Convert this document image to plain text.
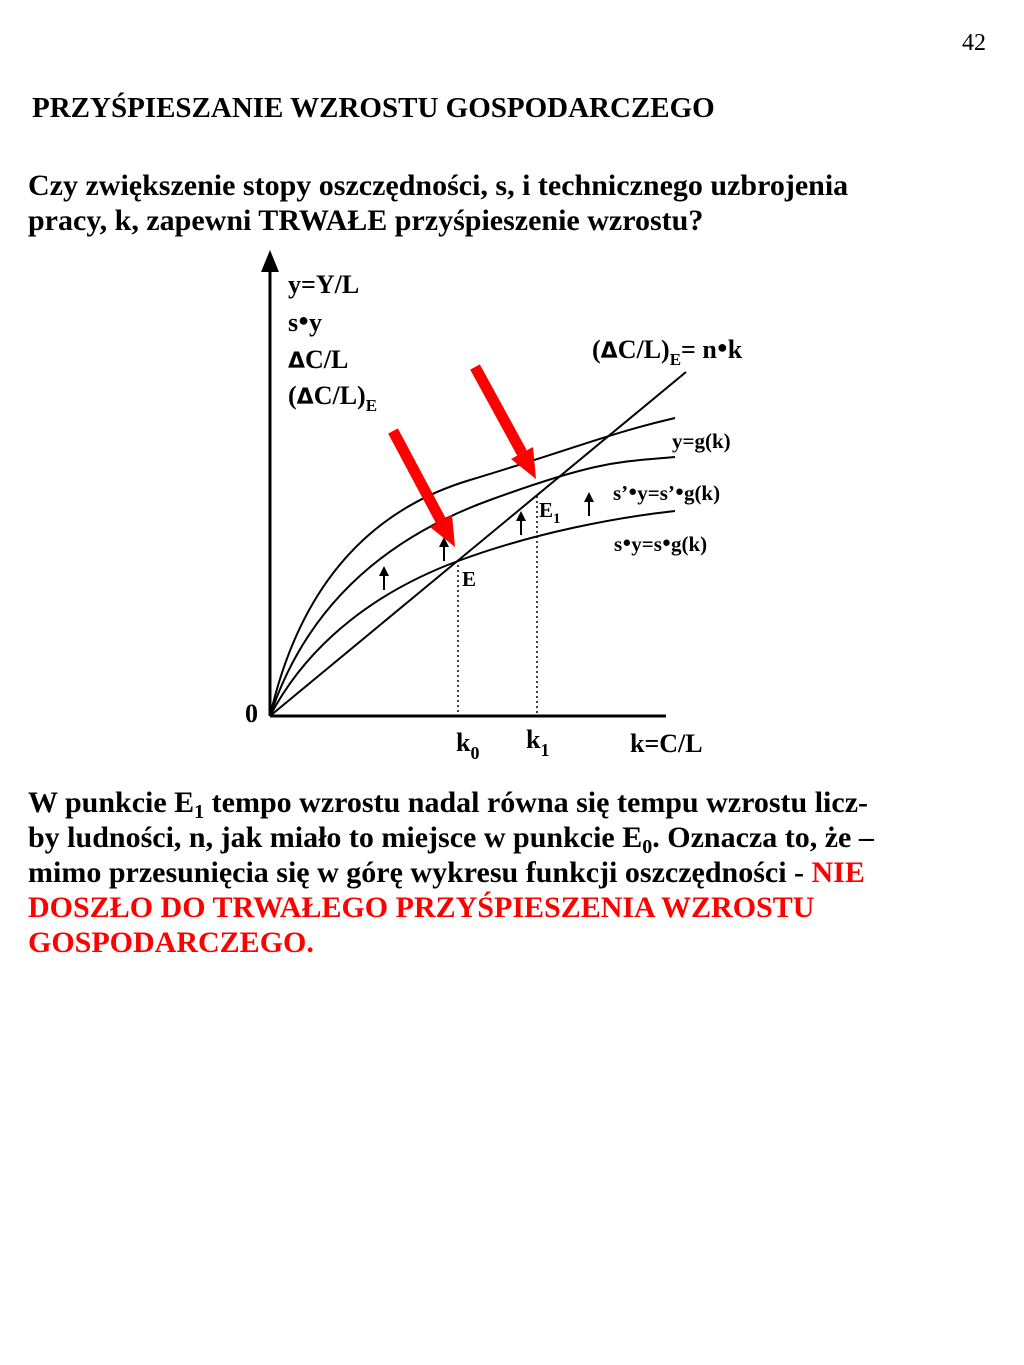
42
PRZYŚPIESZANIE WZROSTU GOSPODARCZEGO
Czy zwiększenie stopy oszczędności, s, i technicznego uzbrojenia
pracy, k, zapewni TRWAŁE przyśpieszenie wzrostu?
y=Y/L
s●y
ΔC/L
$(\Delta C/L)_E$
$(\Delta C/L)_E=$ n●k
y=g(k)
s’●y=s’●g(k)
s●y=s●g(k)
E
$E_1$
0
$k_0$ $k_1$	k=C/L
W punkcie $E_1$ tempo wzrostu nadal równa się tempu wzrostu licz-
by ludności, n, jak miało to miejsce w punkcie $E_0$. Oznacza to, że –
mimo przesunięcia się w górę wykresu funkcji oszczędności - NIE
DOSZŁO DO TRWAŁEGO PRZYŚPIESZENIA WZROSTU
GOSPODARCZEGO.
